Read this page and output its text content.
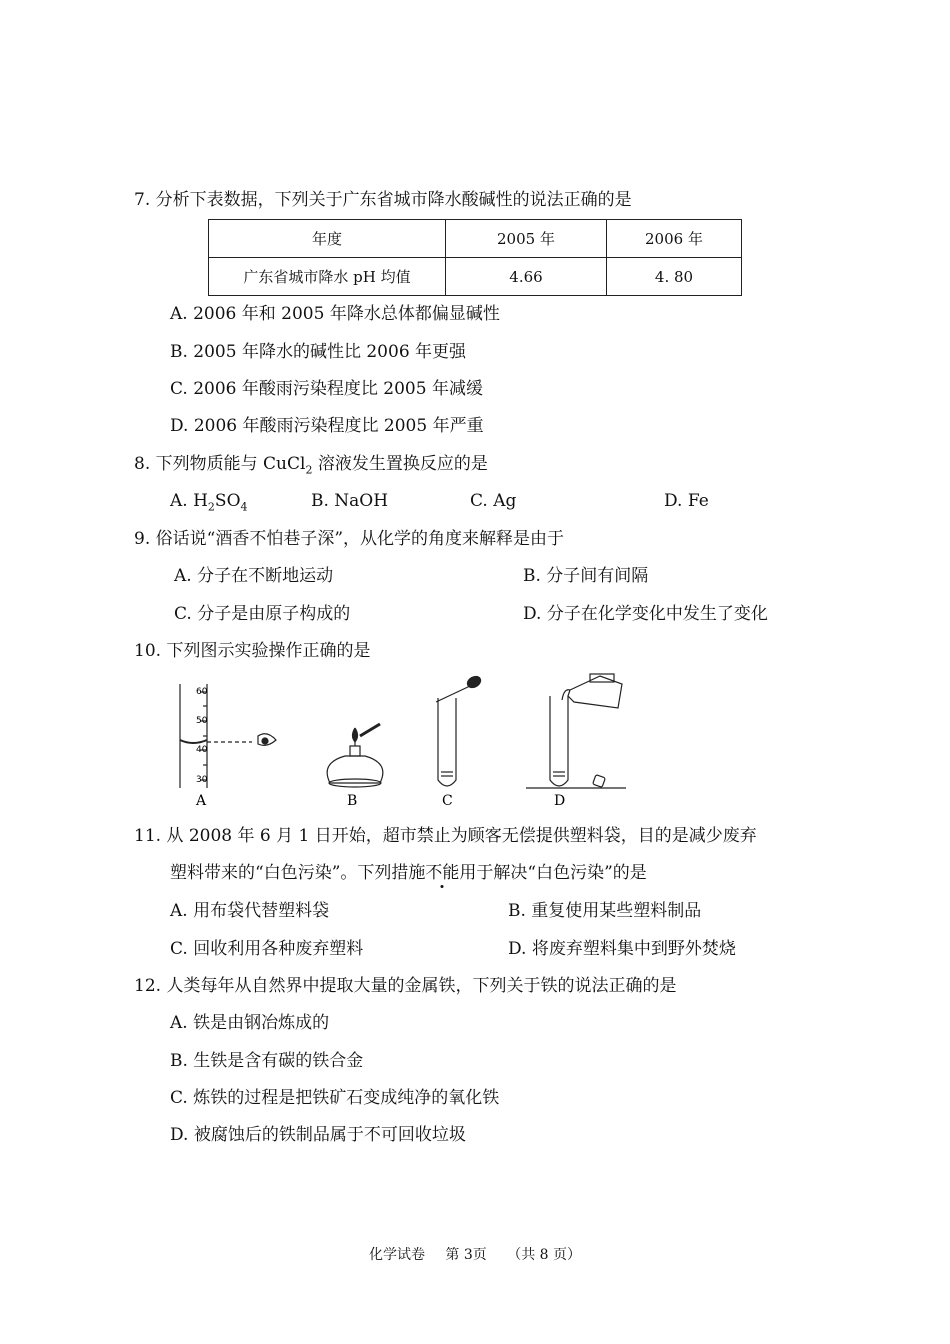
7. 分析下表数据，下列关于广东省城市降水酸碱性的说法正确的是
年度	2005 年	2006 年
广东省城市降水 pH 均值	4.66	4. 80
A. 2006 年和 2005 年降水总体都偏显碱性
B. 2005 年降水的碱性比 2006 年更强
C. 2006 年酸雨污染程度比 2005 年减缓
D. 2006 年酸雨污染程度比 2005 年严重
8. 下列物质能与 CuCl$_2$ 溶液发生置换反应的是
A. $H_2SO_4$	B. NaOH	C. Ag	D. Fe
9. 俗话说“酒香不怕巷子深”，从化学的角度来解释是由于
A. 分子在不断地运动	B. 分子间有间隔
C. 分子是由原子构成的	D. 分子在化学变化中发生了变化
10. 下列图示实验操作正确的是
60
50
40
30
A	B	C	D
11. 从 2008 年 6 月 1 日开始，超市禁止为顾客无偿提供塑料袋，目的是减少废弃
塑料带来的“白色污染”。下列措施不能用于解决“白色污染”的是
A. 用布袋代替塑料袋	B. 重复使用某些塑料制品
C. 回收利用各种废弃塑料	D. 将废弃塑料集中到野外焚烧
12. 人类每年从自然界中提取大量的金属铁，下列关于铁的说法正确的是
A. 铁是由钢冶炼成的
B. 生铁是含有碳的铁合金
C. 炼铁的过程是把铁矿石变成纯净的氧化铁
D. 被腐蚀后的铁制品属于不可回收垃圾
化学试卷 第 3页 （共 8 页）
